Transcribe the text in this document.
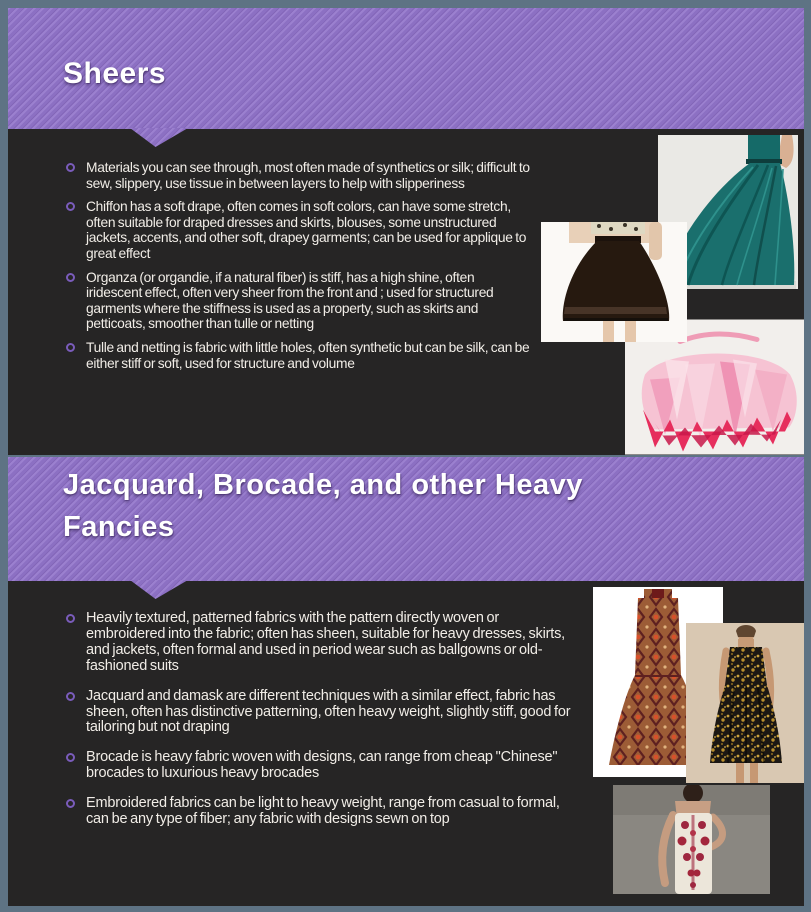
Sheers
Materials you can see through, most often made of synthetics or silk; difficult to sew, slippery, use tissue in between layers to help with slipperiness
Chiffon has a soft drape, often comes in soft colors, can have some stretch, often suitable for draped dresses and skirts, blouses, some unstructured jackets, accents, and other soft, drapey garments; can be used for applique to great effect
Organza (or organdie, if a natural fiber) is stiff, has a high shine, often iridescent effect, often very sheer from the front and ; used for structured garments where the stiffness is used as a property, such as skirts and petticoats, smoother than tulle or netting
Tulle and netting is fabric with little holes, often synthetic but can be silk, can be either stiff or soft, used for structure and volume
Jacquard, Brocade, and other Heavy Fancies
Heavily textured, patterned fabrics with the pattern directly woven or embroidered into the fabric; often has sheen, suitable for heavy dresses, skirts, and jackets, often formal and used in period wear such as ballgowns or old-fashioned suits
Jacquard and damask are different techniques with a similar effect, fabric has sheen, often has distinctive patterning, often heavy weight, slightly stiff, good for tailoring but not draping
Brocade is heavy fabric woven with designs, can range from cheap "Chinese" brocades to luxurious heavy brocades
Embroidered fabrics can be light to heavy weight, range from casual to formal, can be any type of fiber; any fabric with designs sewn on top
